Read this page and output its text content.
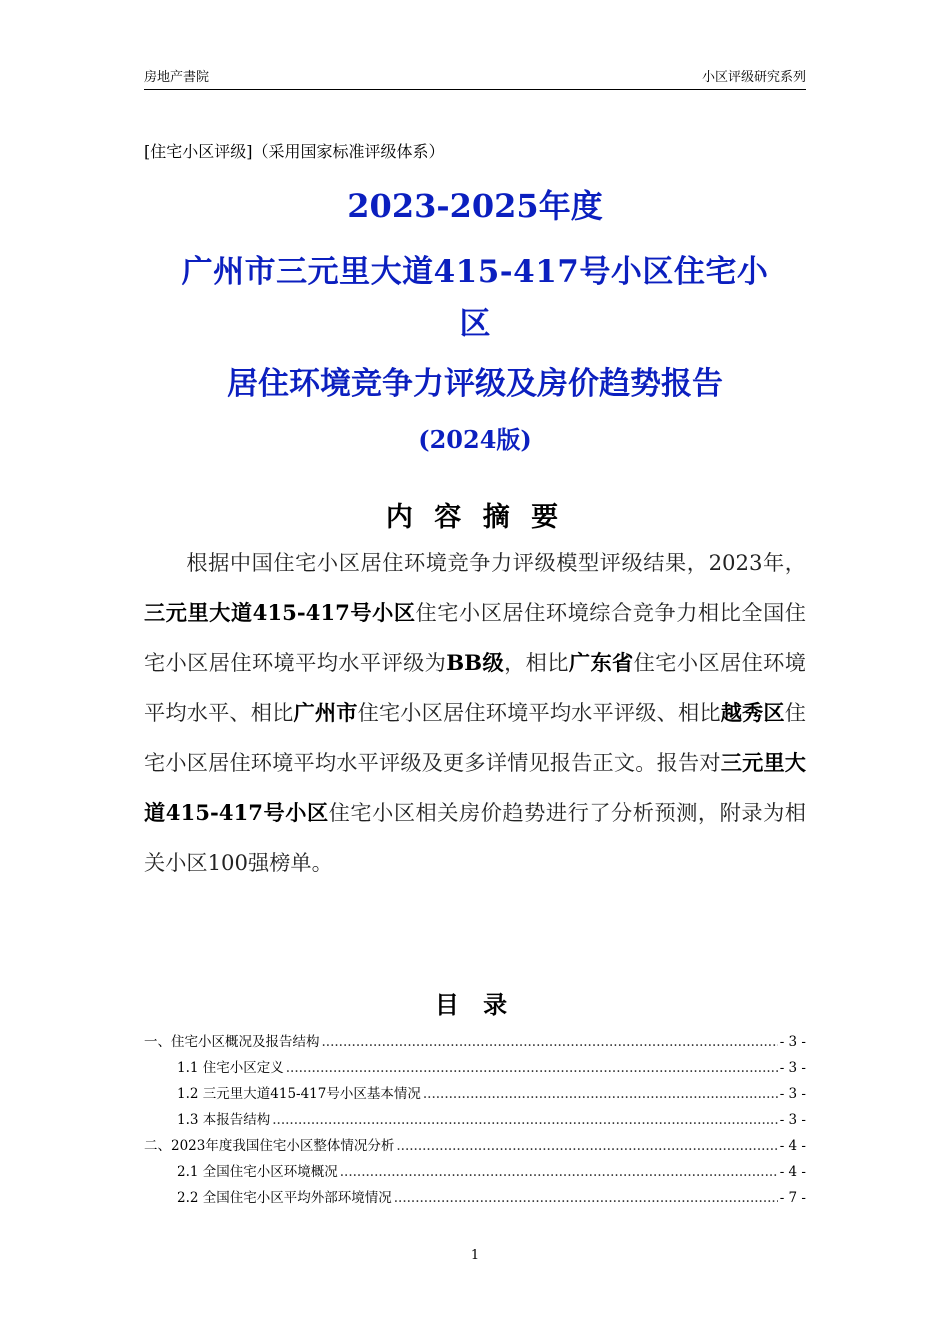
房地产書院	小区评级研究系列
[住宅小区评级]（采用国家标准评级体系）
2023-2025年度
广州市三元里大道415-417号小区住宅小
区
居住环境竞争力评级及房价趋势报告
(2024版)
内 容 摘 要
根据中国住宅小区居住环境竞争力评级模型评级结果，2023年，三元里大道415-417号小区住宅小区居住环境综合竞争力相比全国住宅小区居住环境平均水平评级为BB级，相比广东省住宅小区居住环境平均水平、相比广州市住宅小区居住环境平均水平评级、相比越秀区住宅小区居住环境平均水平评级及更多详情见报告正文。报告对三元里大道415-417号小区住宅小区相关房价趋势进行了分析预测，附录为相关小区100强榜单。
目 录
一、住宅小区概况及报告结构 .....	- 3 -
1.1 住宅小区定义 .....	- 3 -
1.2 三元里大道415-417号小区基本情况 .....	- 3 -
1.3 本报告结构 .....	- 3 -
二、2023年度我国住宅小区整体情况分析 .....	- 4 -
2.1 全国住宅小区环境概况 .....	- 4 -
2.2 全国住宅小区平均外部环境情况 .....	- 7 -
1
